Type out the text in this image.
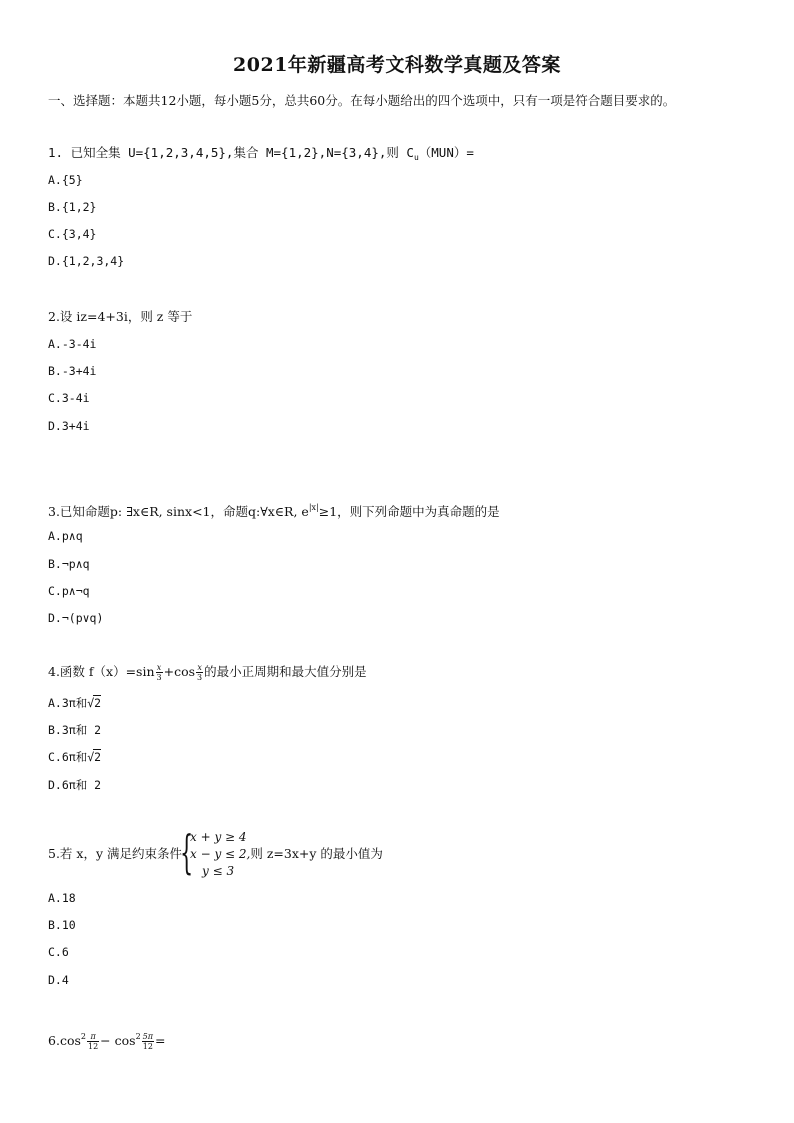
2021年新疆高考文科数学真题及答案
一、选择题：本题共12小题，每小题5分，总共60分。在每小题给出的四个选项中，只有一项是符合题目要求的。
1. 已知全集 U={1,2,3,4,5},集合 M={1,2},N={3,4},则 $C_u(MUN)=$
A.{5}
B.{1,2}
C.{3,4}
D.{1,2,3,4}
2.设 iz=4+3i，则 z 等于
A.-3-4i
B.-3+4i
C.3-4i
D.3+4i
3.已知命题p: ∃x∈R, sinx<1，命题q:∀x∈R, $e^{|x|}\ge 1$，则下列命题中为真命题的是
A.p∧q
B.¬p∧q
C.p∧¬q
D.¬(p∨q)
4.函数 $f(x)=\sin \frac{x}{3} +\cos \frac{x}{3}$ 的最小正周期和最大值分别是
A.3π和√2
B.3π和 2
C.6π和√2
D.6π和 2
5.若 x，y 满足约束条件
{
x + y ≥ 4
x − y ≤ 2,
y ≤ 3
则 z=3x+y 的最小值为
A.18
B.10
C.6
D.4
$6.\cos^2 \frac{\pi}{12} - \cos^2 \frac{5\pi}{12}$ =
